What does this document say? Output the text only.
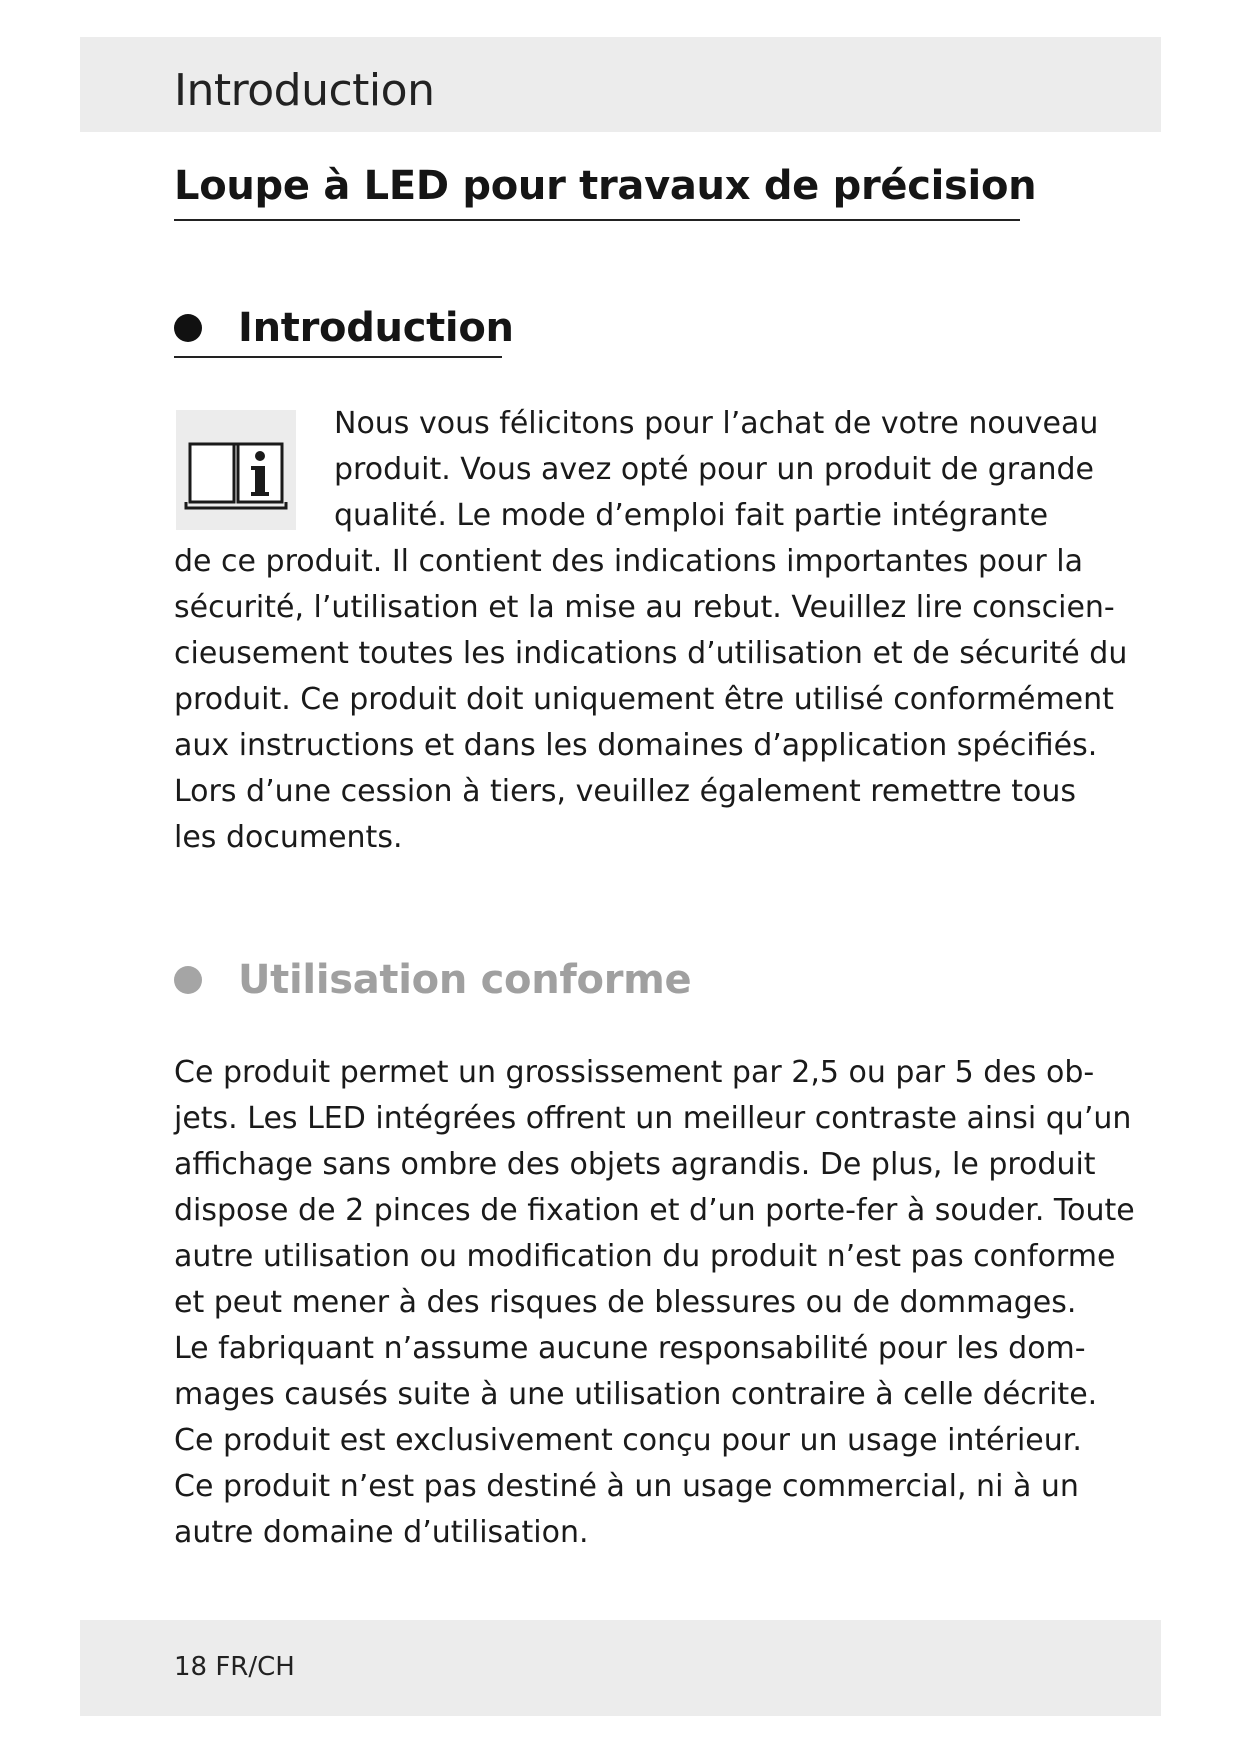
Introduction
Loupe à LED pour travaux de précision
Introduction
Nous vous félicitons pour l’achat de votre nouveau
produit. Vous avez opté pour un produit de grande
qualité. Le mode d’emploi fait partie intégrante
de ce produit. Il contient des indications importantes pour la
sécurité, l’utilisation et la mise au rebut. Veuillez lire conscien-
cieusement toutes les indications d’utilisation et de sécurité du
produit. Ce produit doit uniquement être utilisé conformément
aux instructions et dans les domaines d’application spécifiés.
Lors d’une cession à tiers, veuillez également remettre tous
les documents.
Utilisation conforme
Ce produit permet un grossissement par 2,5 ou par 5 des ob-
jets. Les LED intégrées offrent un meilleur contraste ainsi qu’un
affichage sans ombre des objets agrandis. De plus, le produit
dispose de 2 pinces de fixation et d’un porte-fer à souder. Toute
autre utilisation ou modification du produit n’est pas conforme
et peut mener à des risques de blessures ou de dommages.
Le fabriquant n’assume aucune responsabilité pour les dom-
mages causés suite à une utilisation contraire à celle décrite.
Ce produit est exclusivement conçu pour un usage intérieur.
Ce produit n’est pas destiné à un usage commercial, ni à un
autre domaine d’utilisation.
18 FR/CH
